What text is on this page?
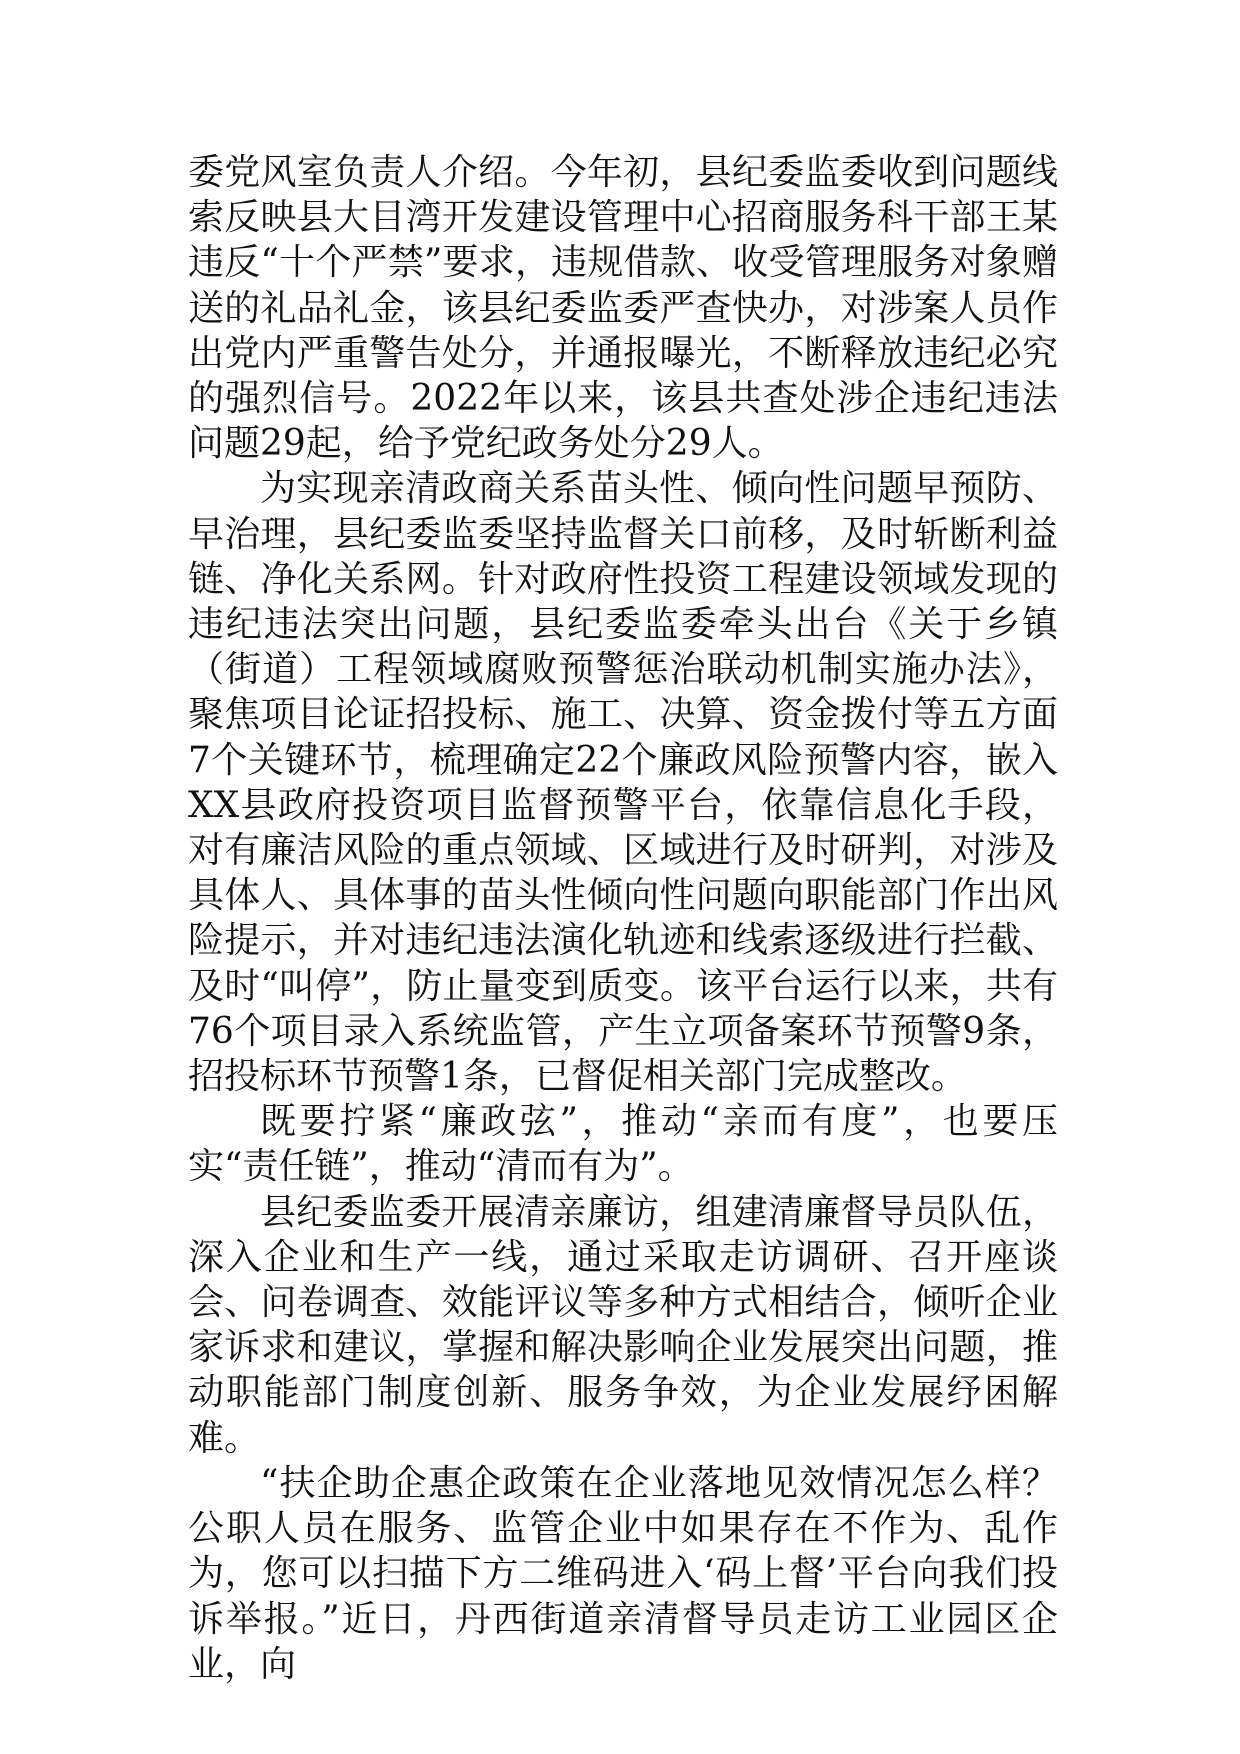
委党风室负责人介绍。今年初，县纪委监委收到问题线索反映县大目湾开发建设管理中心招商服务科干部王某违反“十个严禁”要求，违规借款、收受管理服务对象赠送的礼品礼金，该县纪委监委严查快办，对涉案人员作出党内严重警告处分，并通报曝光，不断释放违纪必究的强烈信号。2022年以来，该县共查处涉企违纪违法问题29起，给予党纪政务处分29人。

为实现亲清政商关系苗头性、倾向性问题早预防、早治理，县纪委监委坚持监督关口前移，及时斩断利益链、净化关系网。针对政府性投资工程建设领域发现的违纪违法突出问题，县纪委监委牵头出台《关于乡镇（街道）工程领域腐败预警惩治联动机制实施办法》，聚焦项目论证招投标、施工、决算、资金拨付等五方面7个关键环节，梳理确定22个廉政风险预警内容，嵌入XX县政府投资项目监督预警平台，依靠信息化手段，对有廉洁风险的重点领域、区域进行及时研判，对涉及具体人、具体事的苗头性倾向性问题向职能部门作出风险提示，并对违纪违法演化轨迹和线索逐级进行拦截、及时“叫停”，防止量变到质变。该平台运行以来，共有76个项目录入系统监管，产生立项备案环节预警9条，招投标环节预警1条，已督促相关部门完成整改。

既要拧紧“廉政弦”，推动“亲而有度”，也要压实“责任链”，推动“清而有为”。

县纪委监委开展清亲廉访，组建清廉督导员队伍，深入企业和生产一线，通过采取走访调研、召开座谈会、问卷调查、效能评议等多种方式相结合，倾听企业家诉求和建议，掌握和解决影响企业发展突出问题，推动职能部门制度创新、服务争效，为企业发展纾困解难。

“扶企助企惠企政策在企业落地见效情况怎么样？公职人员在服务、监管企业中如果存在不作为、乱作为，您可以扫描下方二维码进入‘码上督’平台向我们投诉举报。”近日，丹西街道亲清督导员走访工业园区企业，向
